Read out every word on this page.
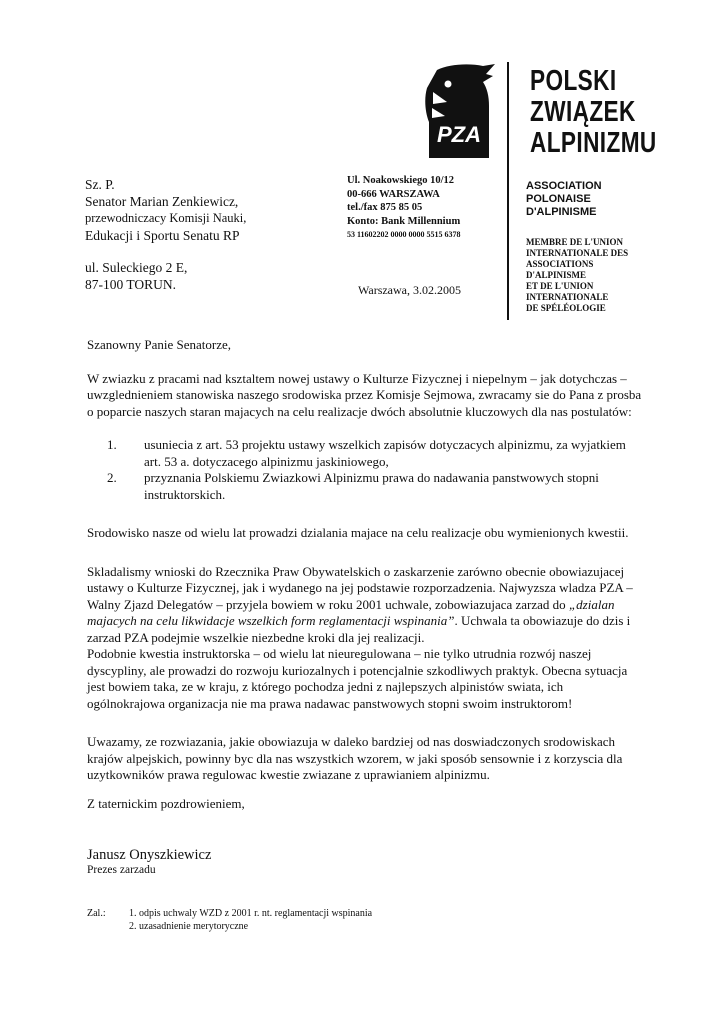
PZA
POLSKI
ZWIĄZEK
ALPINIZMU
ASSOCIATION
POLONAISE
D'ALPINISME
MEMBRE DE L'UNION
INTERNATIONALE DES
ASSOCIATIONS
D'ALPINISME
ET DE L'UNION
INTERNATIONALE
DE SPÉLÉOLOGIE
Sz. P.
Senator Marian Zenkiewicz,
przewodniczacy Komisji Nauki,
Edukacji i Sportu Senatu RP
ul. Suleckiego 2 E,
87-100 TORUN.
Ul. Noakowskiego 10/12
00-666 WARSZAWA
tel./fax 875 85 05
Konto: Bank Millennium
53 11602202 0000 0000 5515 6378
Warszawa, 3.02.2005

Szanowny Panie Senatorze,

W zwiazku z pracami nad ksztaltem nowej ustawy o Kulturze Fizycznej i niepelnym – jak dotychczas – uwzglednieniem stanowiska naszego srodowiska przez Komisje Sejmowa, zwracamy sie do Pana z prosba o poparcie naszych staran majacych na celu realizacje dwóch absolutnie kluczowych dla nas postulatów:

1.	usuniecia z art. 53 projektu ustawy wszelkich zapisów dotyczacych alpinizmu, za wyjatkiem art. 53 a. dotyczacego alpinizmu jaskiniowego,
2.	przyznania Polskiemu Zwiazkowi Alpinizmu prawa do nadawania panstwowych stopni instruktorskich.

Srodowisko nasze od wielu lat prowadzi dzialania majace na celu realizacje obu wymienionych kwestii.

Skladalismy wnioski do Rzecznika Praw Obywatelskich o zaskarzenie zarówno obecnie obowiazujacej ustawy o Kulturze Fizycznej, jak i wydanego na jej podstawie rozporzadzenia. Najwyzsza wladza PZA – Walny Zjazd Delegatów – przyjela bowiem w roku 2001 uchwale, zobowiazujaca zarzad do „dzialan majacych na celu likwidacje wszelkich form reglamentacji wspinania”. Uchwala ta obowiazuje do dzis i zarzad PZA podejmie wszelkie niezbedne kroki dla jej realizacji.

Podobnie kwestia instruktorska – od wielu lat nieuregulowana – nie tylko utrudnia rozwój naszej dyscypliny, ale prowadzi do rozwoju kuriozalnych i potencjalnie szkodliwych praktyk. Obecna sytuacja jest bowiem taka, ze w kraju, z którego pochodza jedni z najlepszych alpinistów swiata, ich ogólnokrajowa organizacja nie ma prawa nadawac panstwowych stopni swoim instruktorom!

Uwazamy, ze rozwiazania, jakie obowiazuja w daleko bardziej od nas doswiadczonych srodowiskach krajów alpejskich, powinny byc dla nas wszystkich wzorem, w jaki sposób sensownie i z korzyscia dla uzytkowników prawa regulowac kwestie zwiazane z uprawianiem alpinizmu.

Z taternickim pozdrowieniem,
Janusz Onyszkiewicz
Prezes zarzadu
Zal.: 1. odpis uchwaly WZD z 2001 r. nt. reglamentacji wspinania
2. uzasadnienie merytoryczne
